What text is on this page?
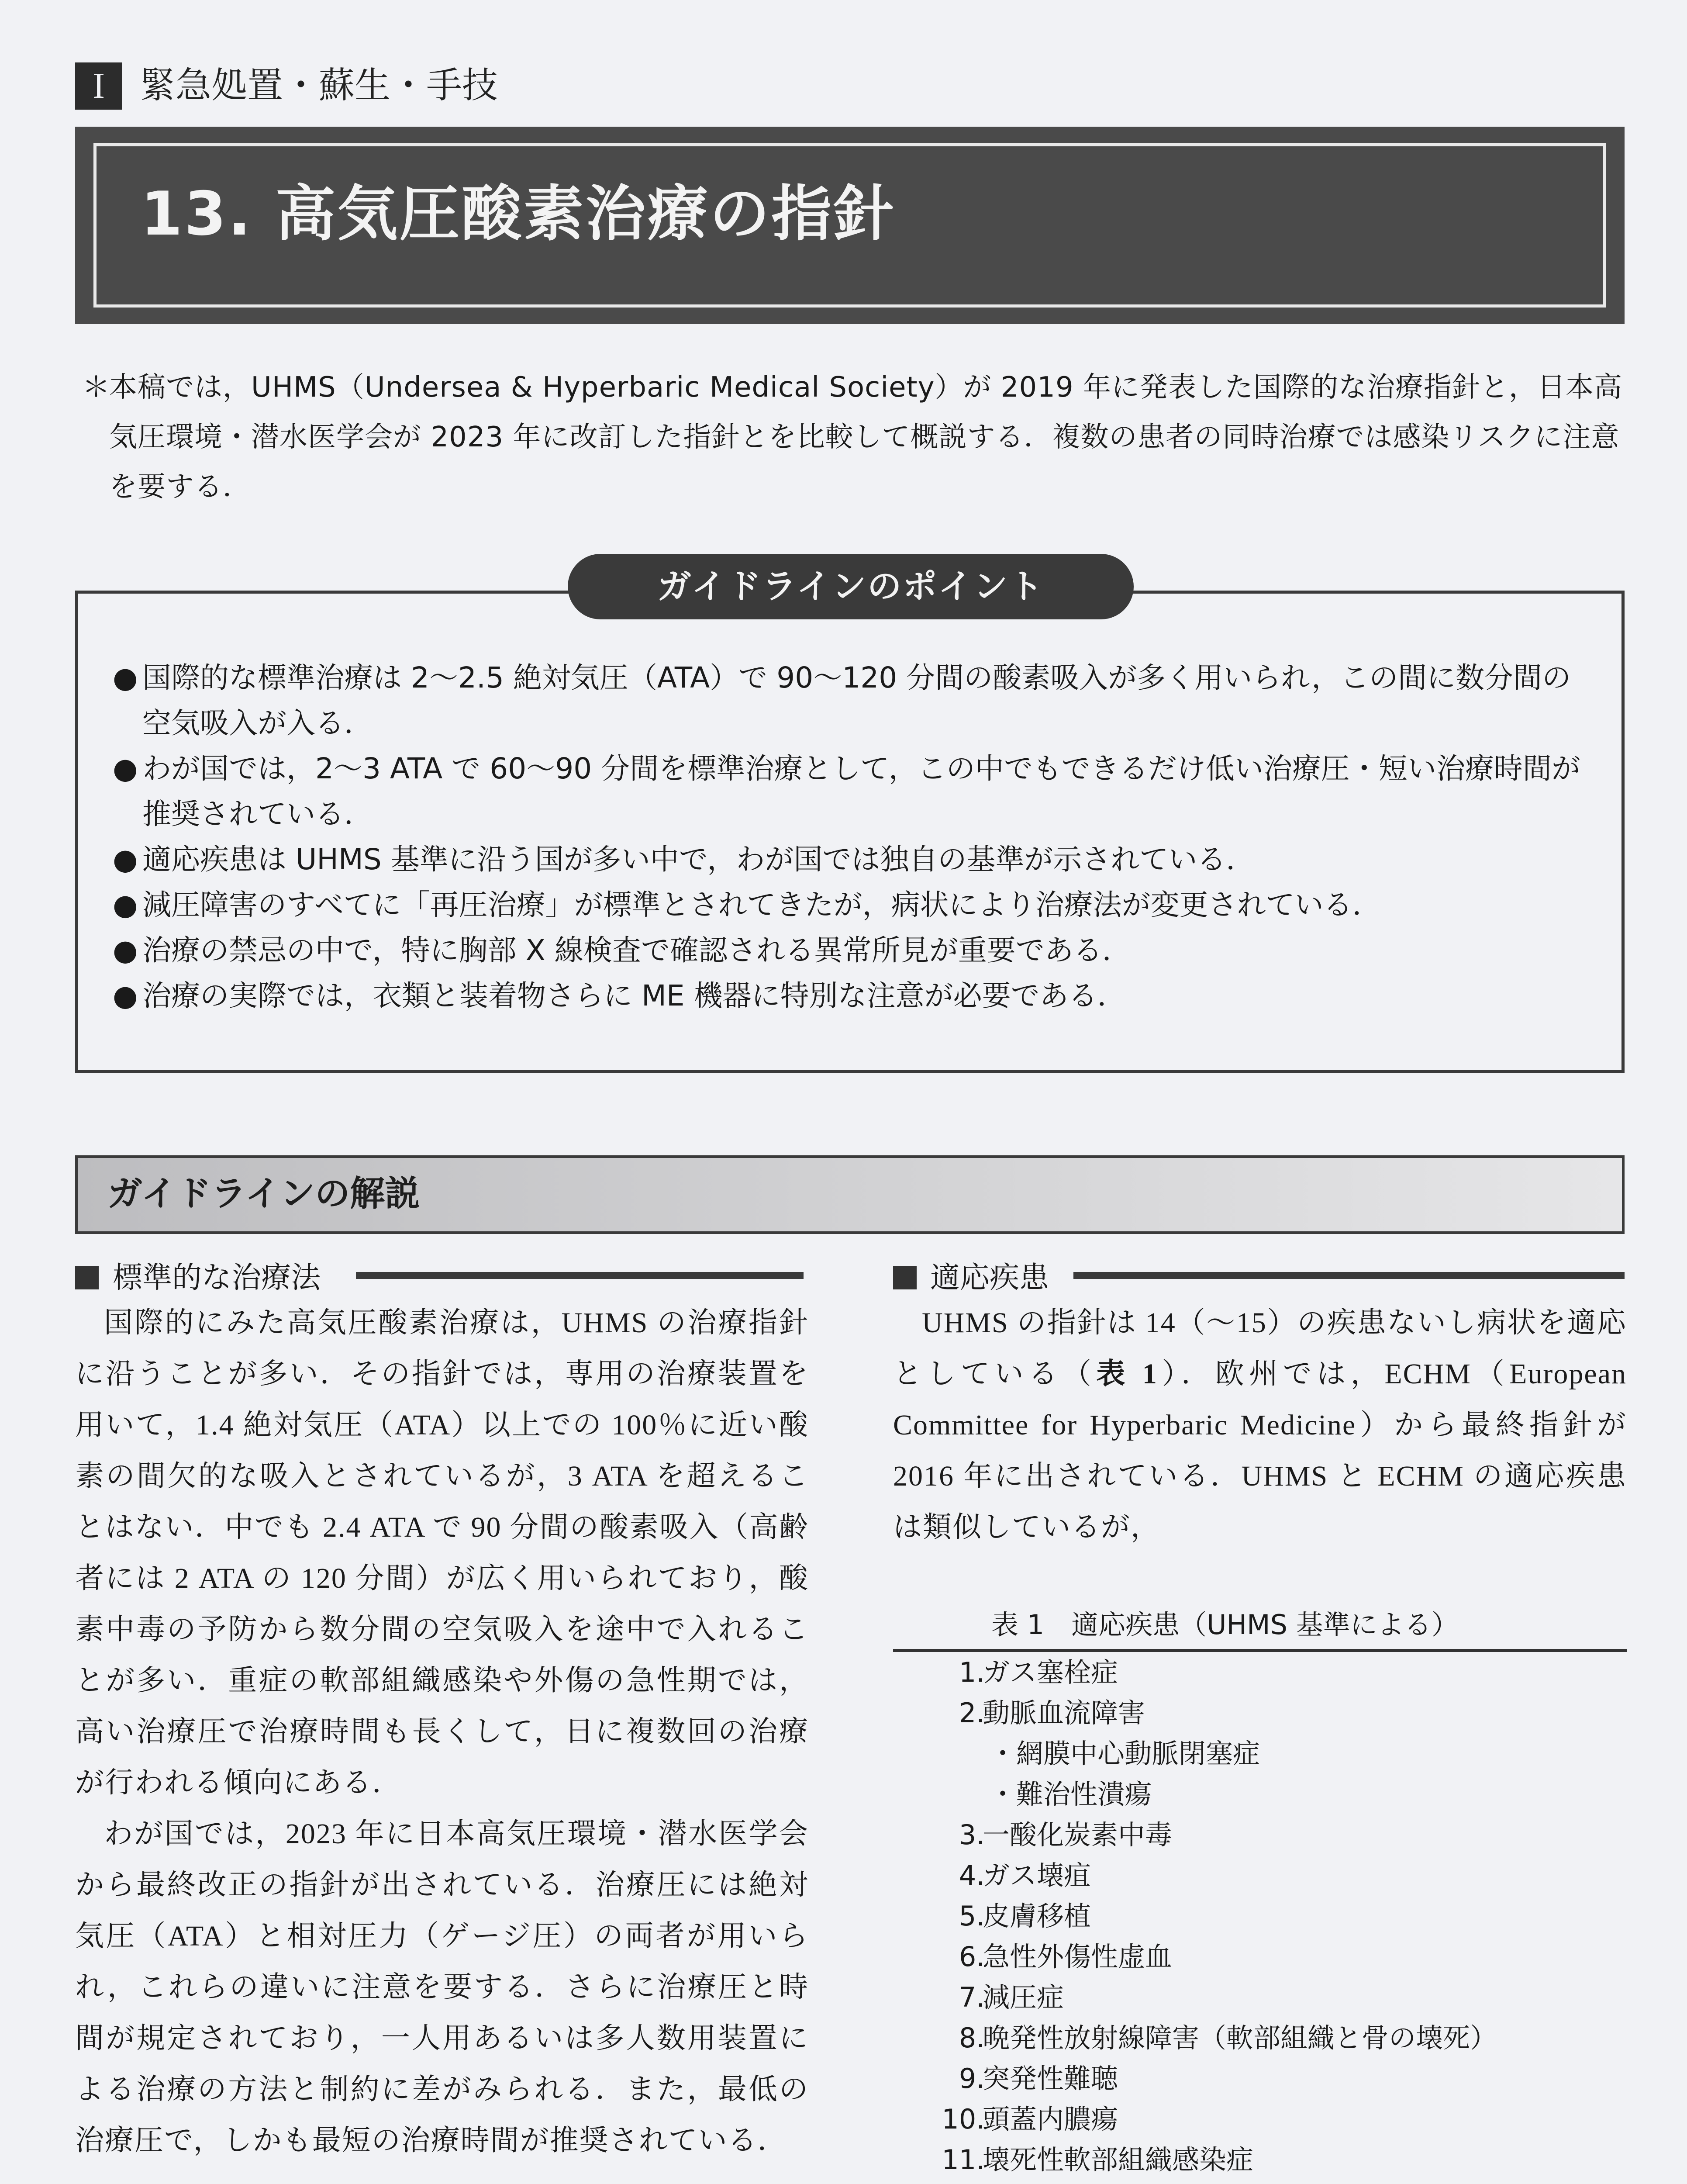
I 緊急処置・蘇生・手技
13. 高気圧酸素治療の指針
＊
本稿では，UHMS（Undersea & Hyperbaric Medical Society）が 2019 年に発表した国際的な治療指針と，日本高気圧環境・潜水医学会が 2023 年に改訂した指針とを比較して概説する．複数の患者の同時治療では感染リスクに注意を要する．
ガイドラインのポイント
● 国際的な標準治療は 2〜2.5 絶対気圧（ATA）で 90〜120 分間の酸素吸入が多く用いられ，この間に数分間の空気吸入が入る．
● わが国では，2〜3 ATA で 60〜90 分間を標準治療として，この中でもできるだけ低い治療圧・短い治療時間が推奨されている．
● 適応疾患は UHMS 基準に沿う国が多い中で，わが国では独自の基準が示されている．
● 減圧障害のすべてに「再圧治療」が標準とされてきたが，病状により治療法が変更されている．
● 治療の禁忌の中で，特に胸部 X 線検査で確認される異常所見が重要である．
● 治療の実際では，衣類と装着物さらに ME 機器に特別な注意が必要である．
ガイドラインの解説
標準的な治療法	適応疾患

国際的にみた高気圧酸素治療は，UHMS の治療指針に沿うことが多い．その指針では，専用の治療装置を用いて，1.4 絶対気圧（ATA）以上での 100％に近い酸素の間欠的な吸入とされているが，3 ATA を超えることはない．中でも 2.4 ATA で 90 分間の酸素吸入（高齢者には 2 ATA の 120 分間）が広く用いられており，酸素中毒の予防から数分間の空気吸入を途中で入れることが多い．重症の軟部組織感染や外傷の急性期では，高い治療圧で治療時間も長くして，日に複数回の治療が行われる傾向にある．

わが国では，2023 年に日本高気圧環境・潜水医学会から最終改正の指針が出されている．治療圧には絶対気圧（ATA）と相対圧力（ゲージ圧）の両者が用いられ，これらの違いに注意を要する．さらに治療圧と時間が規定されており，一人用あるいは多人数用装置による治療の方法と制約に差がみられる．また，最低の治療圧で，しかも最短の治療時間が推奨されている．

UHMS の指針は 14（〜15）の疾患ないし病状を適応としている（表 1）．欧州では，ECHM（European Committee for Hyperbaric Medicine）から最終指針が 2016 年に出されている．UHMS と ECHM の適応疾患は類似しているが，

表 1　適応疾患（UHMS 基準による）
1.
ガス塞栓症
2.
動脈血流障害
・網膜中心動脈閉塞症
・難治性潰瘍
3.
一酸化炭素中毒
4.
ガス壊疽
5.
皮膚移植
6.
急性外傷性虚血
7.
減圧症
8.
晩発性放射線障害（軟部組織と骨の壊死）
9.
突発性難聴
10.
頭蓋内膿瘍
11.
壊死性軟部組織感染症
